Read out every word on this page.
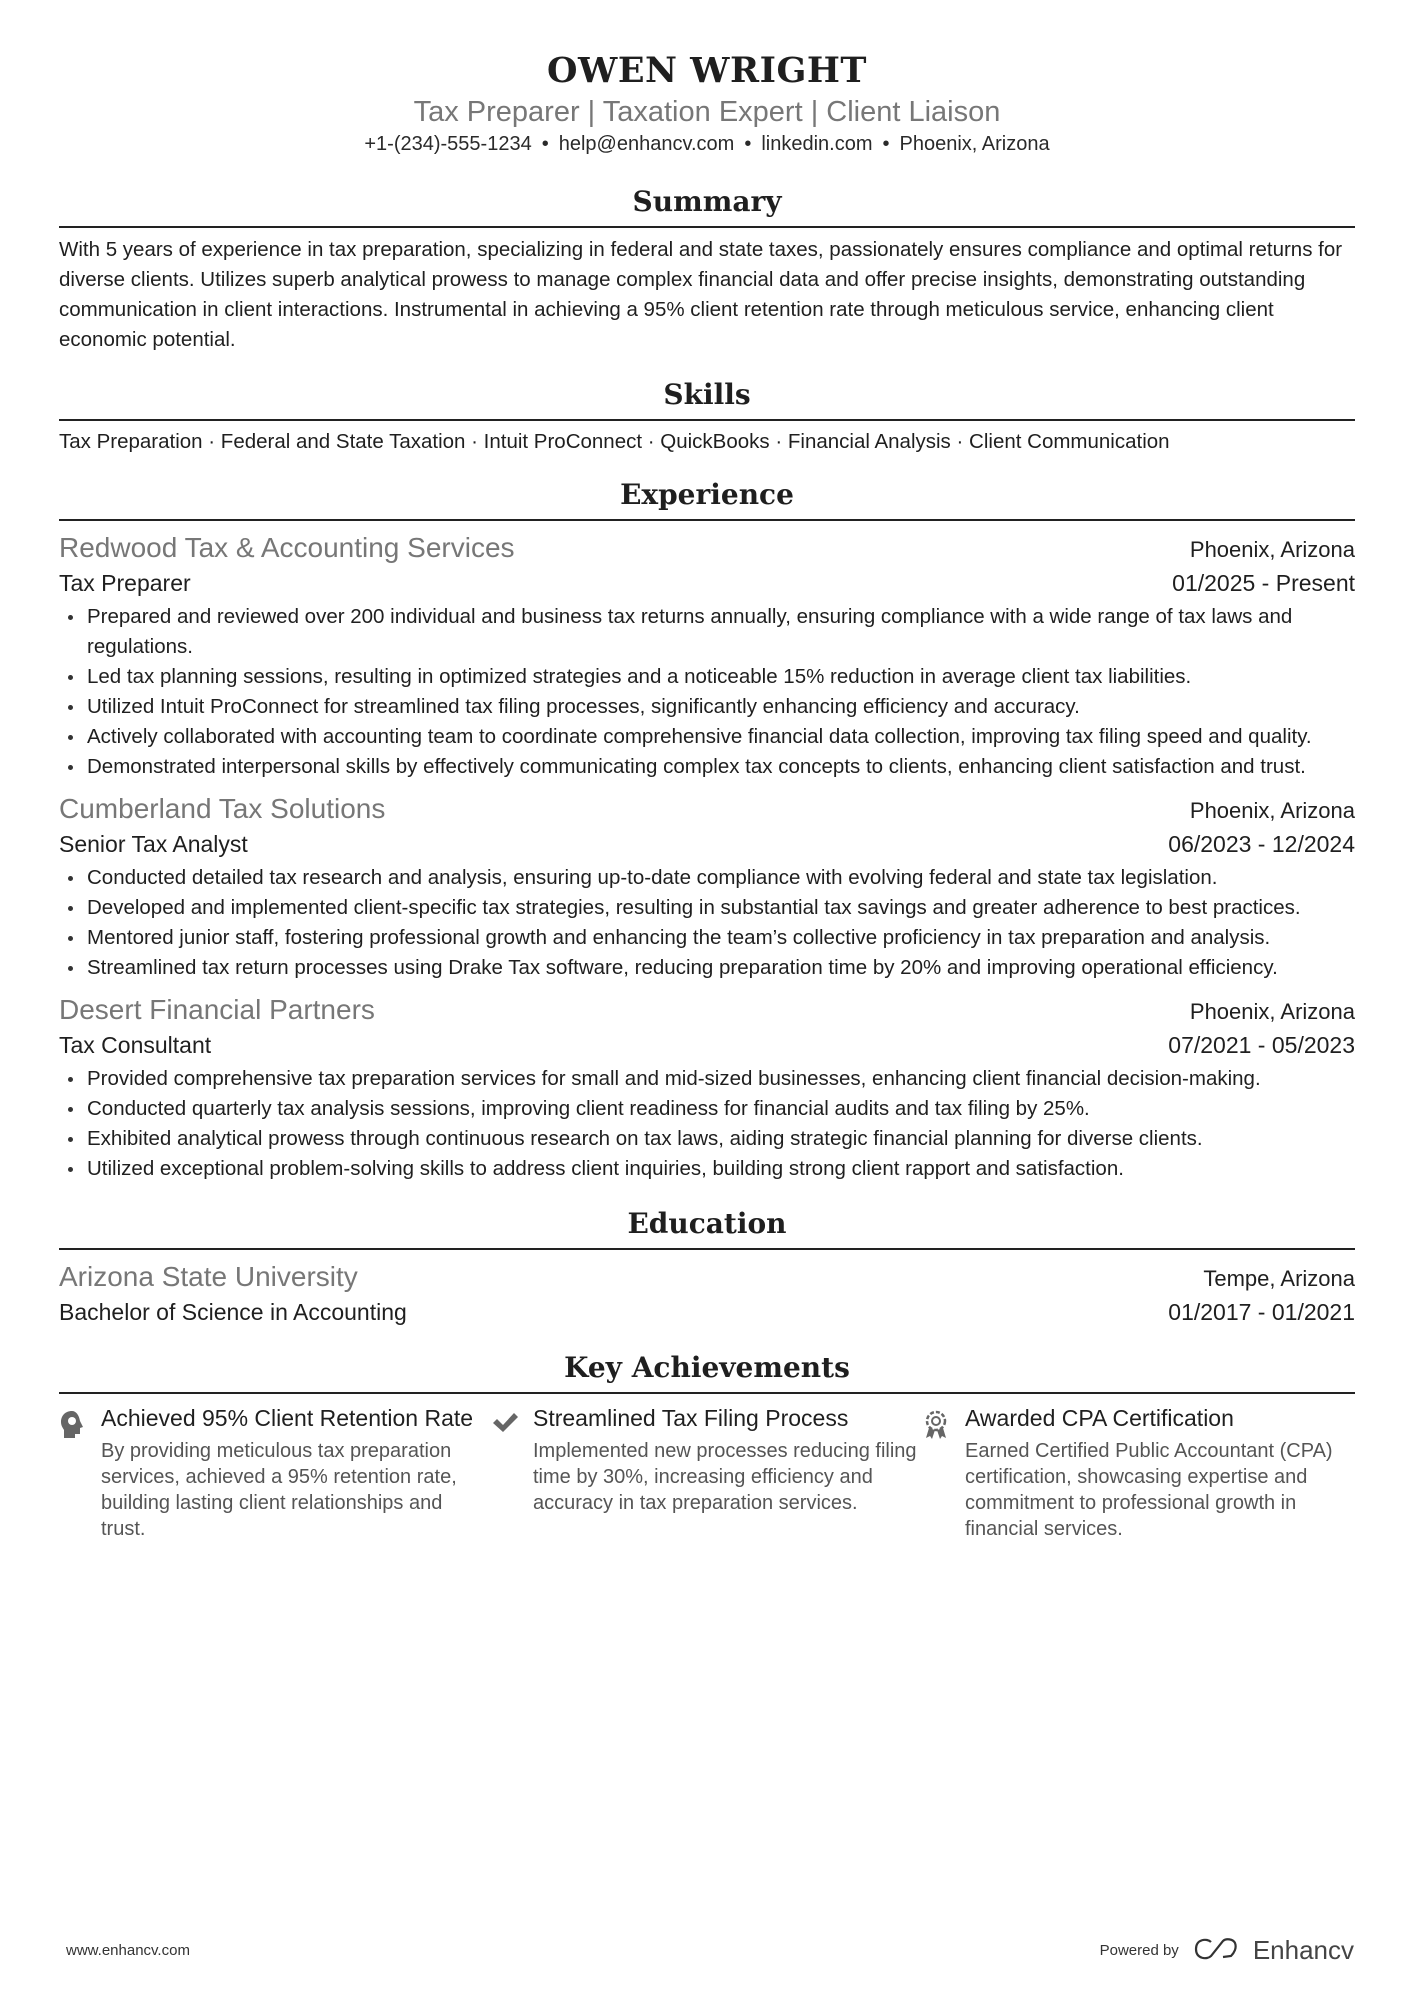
OWEN WRIGHT
Tax Preparer | Taxation Expert | Client Liaison
+1-(234)-555-1234 • help@enhancv.com • linkedin.com • Phoenix, Arizona
Summary
With 5 years of experience in tax preparation, specializing in federal and state taxes, passionately ensures compliance and optimal returns for diverse clients. Utilizes superb analytical prowess to manage complex financial data and offer precise insights, demonstrating outstanding communication in client interactions. Instrumental in achieving a 95% client retention rate through meticulous service, enhancing client economic potential.
Skills
Tax Preparation · Federal and State Taxation · Intuit ProConnect · QuickBooks · Financial Analysis · Client Communication
Experience
Redwood Tax & Accounting Services	Phoenix, Arizona
Tax Preparer	01/2025 - Present
Prepared and reviewed over 200 individual and business tax returns annually, ensuring compliance with a wide range of tax laws and regulations.
Led tax planning sessions, resulting in optimized strategies and a noticeable 15% reduction in average client tax liabilities.
Utilized Intuit ProConnect for streamlined tax filing processes, significantly enhancing efficiency and accuracy.
Actively collaborated with accounting team to coordinate comprehensive financial data collection, improving tax filing speed and quality.
Demonstrated interpersonal skills by effectively communicating complex tax concepts to clients, enhancing client satisfaction and trust.
Cumberland Tax Solutions	Phoenix, Arizona
Senior Tax Analyst	06/2023 - 12/2024
Conducted detailed tax research and analysis, ensuring up-to-date compliance with evolving federal and state tax legislation.
Developed and implemented client-specific tax strategies, resulting in substantial tax savings and greater adherence to best practices.
Mentored junior staff, fostering professional growth and enhancing the team’s collective proficiency in tax preparation and analysis.
Streamlined tax return processes using Drake Tax software, reducing preparation time by 20% and improving operational efficiency.
Desert Financial Partners	Phoenix, Arizona
Tax Consultant	07/2021 - 05/2023
Provided comprehensive tax preparation services for small and mid-sized businesses, enhancing client financial decision-making.
Conducted quarterly tax analysis sessions, improving client readiness for financial audits and tax filing by 25%.
Exhibited analytical prowess through continuous research on tax laws, aiding strategic financial planning for diverse clients.
Utilized exceptional problem-solving skills to address client inquiries, building strong client rapport and satisfaction.
Education
Arizona State University	Tempe, Arizona
Bachelor of Science in Accounting	01/2017 - 01/2021
Key Achievements
Achieved 95% Client Retention Rate
By providing meticulous tax preparation services, achieved a 95% retention rate, building lasting client relationships and trust.
Streamlined Tax Filing Process
Implemented new processes reducing filing time by 30%, increasing efficiency and accuracy in tax preparation services.
Awarded CPA Certification
Earned Certified Public Accountant (CPA) certification, showcasing expertise and commitment to professional growth in financial services.
www.enhancv.com	Powered by	Enhancv
